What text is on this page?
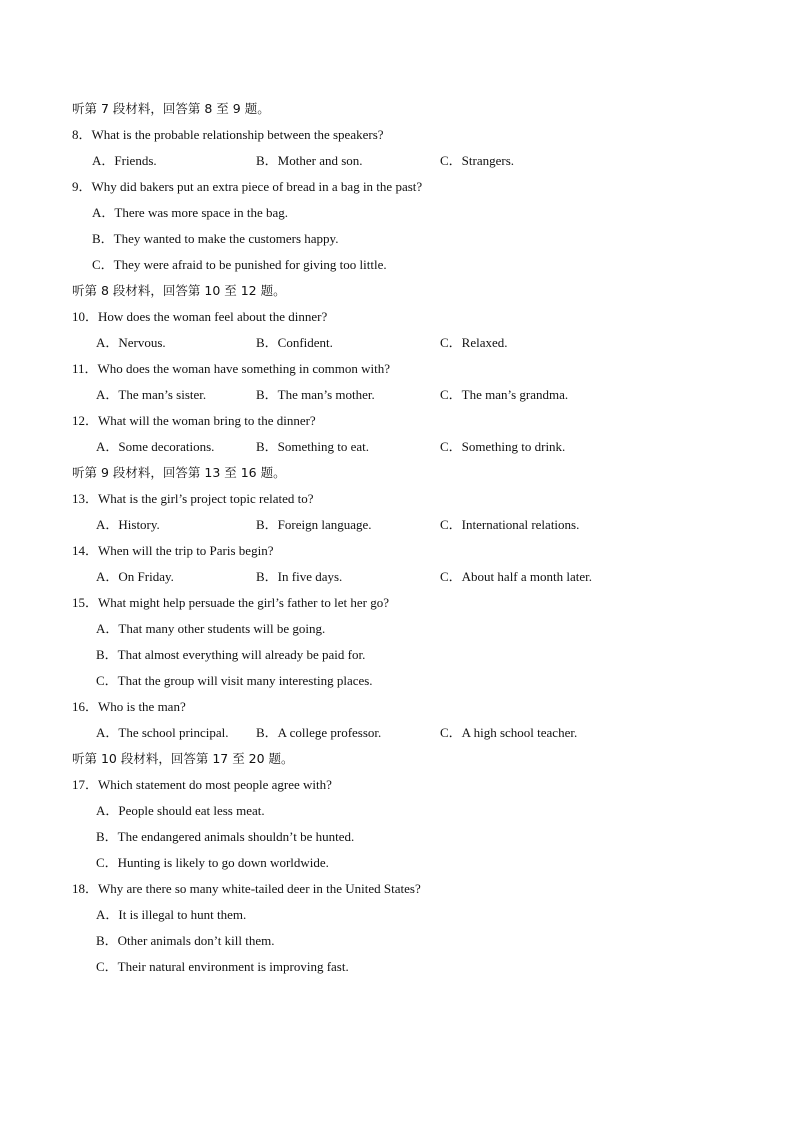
听第 7 段材料，回答第 8 至 9 题。
8．What is the probable relationship between the speakers?
A．Friends.	B．Mother and son.	C．Strangers.
9．Why did bakers put an extra piece of bread in a bag in the past?
A．There was more space in the bag.
B．They wanted to make the customers happy.
C．They were afraid to be punished for giving too little.
听第 8 段材料，回答第 10 至 12 题。
10．How does the woman feel about the dinner?
A．Nervous.	B．Confident.	C．Relaxed.
11．Who does the woman have something in common with?
A．The man’s sister.	B．The man’s mother.	C．The man’s grandma.
12．What will the woman bring to the dinner?
A．Some decorations.	B．Something to eat.	C．Something to drink.
听第 9 段材料，回答第 13 至 16 题。
13．What is the girl’s project topic related to?
A．History.	B．Foreign language.	C．International relations.
14．When will the trip to Paris begin?
A．On Friday.	B．In five days.	C．About half a month later.
15．What might help persuade the girl’s father to let her go?
A．That many other students will be going.
B．That almost everything will already be paid for.
C．That the group will visit many interesting places.
16．Who is the man?
A．The school principal. B．A college professor.	C．A high school teacher.
听第 10 段材料，回答第 17 至 20 题。
17．Which statement do most people agree with?
A．People should eat less meat.
B．The endangered animals shouldn’t be hunted.
C．Hunting is likely to go down worldwide.
18．Why are there so many white-tailed deer in the United States?
A．It is illegal to hunt them.
B．Other animals don’t kill them.
C．Their natural environment is improving fast.
